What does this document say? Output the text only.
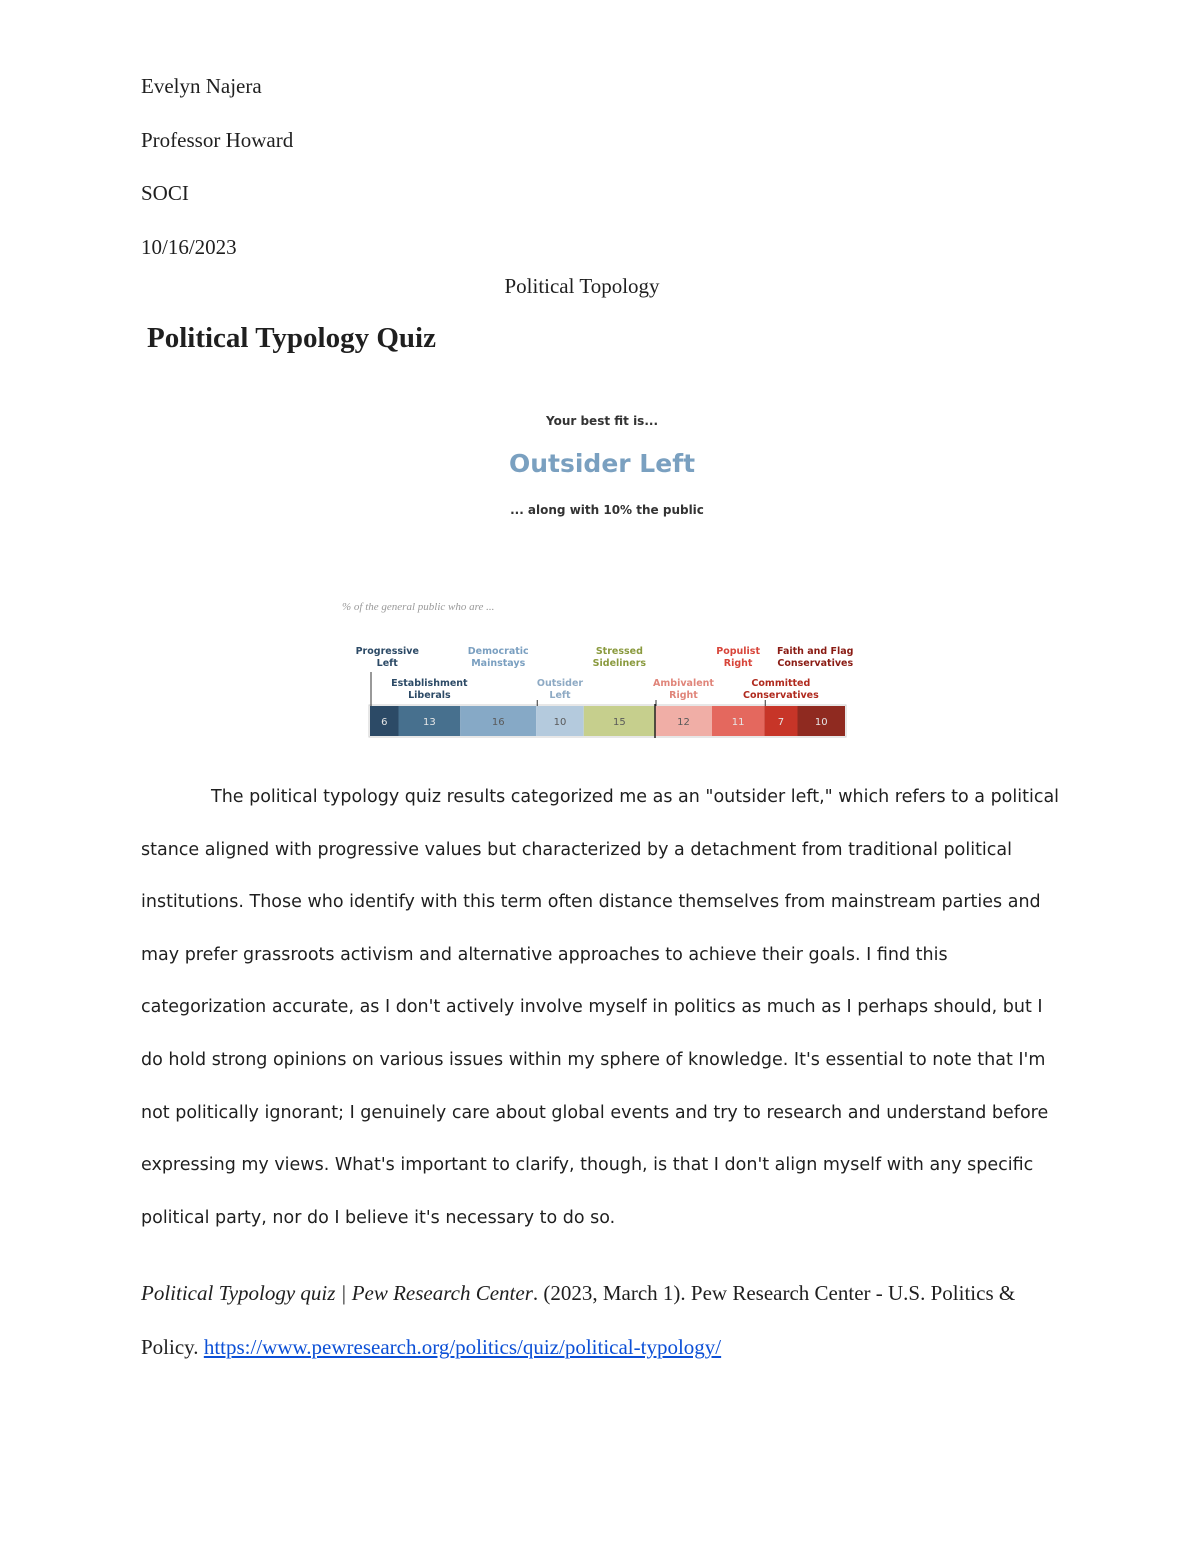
Evelyn Najera
Professor Howard
SOCI
10/16/2023
Political Topology
Political Typology Quiz
Your best fit is...
Outsider Left
... along with 10% the public
% of the general public who are ...
6
Progressive
Left
13
Establishment
Liberals
16
Democratic
Mainstays
10
Outsider
Left
15
Stressed
Sideliners
12
Ambivalent
Right
11
Populist
Right
7
Committed
Conservatives
10
Faith and Flag
Conservatives

The political typology quiz results categorized me as an "outsider left," which refers to a political stance aligned with progressive values but characterized by a detachment from traditional political institutions. Those who identify with this term often distance themselves from mainstream parties and may prefer grassroots activism and alternative approaches to achieve their goals. I find this categorization accurate, as I don't actively involve myself in politics as much as I perhaps should, but I do hold strong opinions on various issues within my sphere of knowledge. It's essential to note that I'm not politically ignorant; I genuinely care about global events and try to research and understand before expressing my views. What's important to clarify, though, is that I don't align myself with any specific political party, nor do I believe it's necessary to do so.

Political Typology quiz | Pew Research Center. (2023, March 1). Pew Research Center - U.S. Politics & Policy. https://www.pewresearch.org/politics/quiz/political-typology/
